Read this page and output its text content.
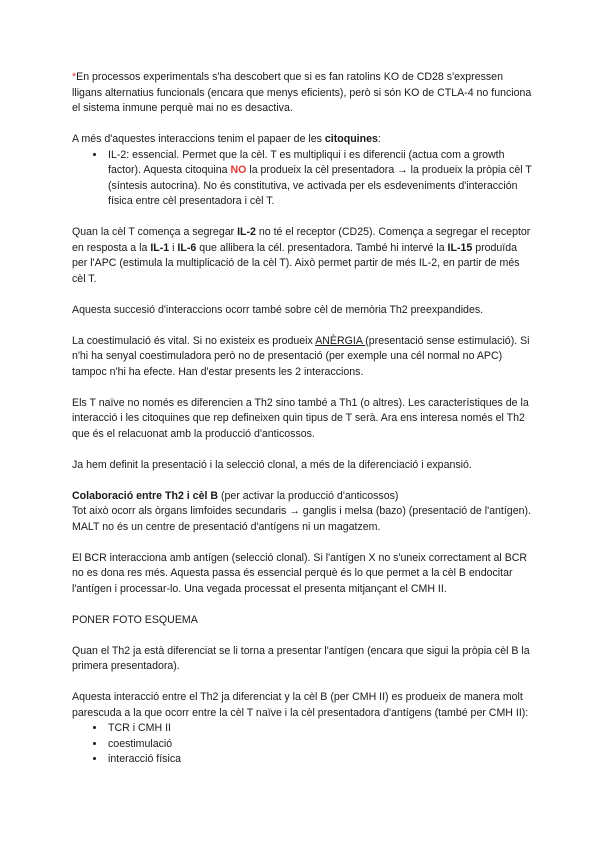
*En processos experimentals s'ha descobert que si es fan ratolins KO de CD28 s'expressen lligans alternatius funcionals (encara que menys eficients), però si són KO de CTLA-4 no funciona el sistema inmune perquè mai no es desactiva.

A més d'aquestes interaccions tenim el papaer de les citoquines:

• IL-2: essencial. Permet que la cèl. T es multipliqui i es diferencii (actua com a growth factor). Aquesta citoquina NO la produeix la cèl presentadora → la produeix la pròpia cèl T (síntesis autocrina). No és constitutiva, ve activada per els esdeveniments d'interacción física entre cèl presentadora i cèl T.

Quan la cèl T comença a segregar IL-2 no té el receptor (CD25). Comença a segregar el receptor en resposta a la IL-1 i IL-6 que allibera la cél. presentadora. També hi intervé la IL-15 produïda per l'APC (estimula la multiplicació de la cèl T). Això permet partir de més IL-2, en partir de més cèl T.

Aquesta succesió d'interaccions ocorr també sobre cèl de memòria Th2 preexpandides.

La coestimulació és vital. Si no existeix es produeix ANÈRGIA (presentació sense estimulació). Si n'hi ha senyal coestimuladora però no de presentació (per exemple una cél normal no APC) tampoc n'hi ha efecte. Han d'estar presents les 2 interaccions.

Els T naïve no només es diferencien a Th2 sino també a Th1 (o altres). Les característiques de la interacció i les citoquines que rep defineixen quin tipus de T serà. Ara ens interesa només el Th2 que és el relacuonat amb la producció d'anticossos.

Ja hem definit la presentació i la selecció clonal, a més de la diferenciació i expansió.

Colaboració entre Th2 i cèl B (per activar la producció d'anticossos)
Tot això ocorr als òrgans limfoides secundaris → ganglis i melsa (bazo) (presentació de l'antígen). MALT no és un centre de presentació d'antígens ni un magatzem.

El BCR interacciona amb antígen (selecció clonal). Si l'antígen X no s'uneix correctament al BCR no es dona res més. Aquesta passa és essencial perquè és lo que permet a la cèl B endocitar l'antígen i processar-lo. Una vegada processat el presenta mitjançant el CMH II.

PONER FOTO ESQUEMA

Quan el Th2 ja està diferenciat se li torna a presentar l'antígen (encara que sigui la pròpia cèl B la primera presentadora).

Aquesta interacció entre el Th2 ja diferenciat y la cèl B (per CMH II) es produeix de manera molt parescuda a la que ocorr entre la cèl T naïve i la cèl presentadora d'antígens (també per CMH II):

• TCR i CMH II
• coestimulació
• interacció física
